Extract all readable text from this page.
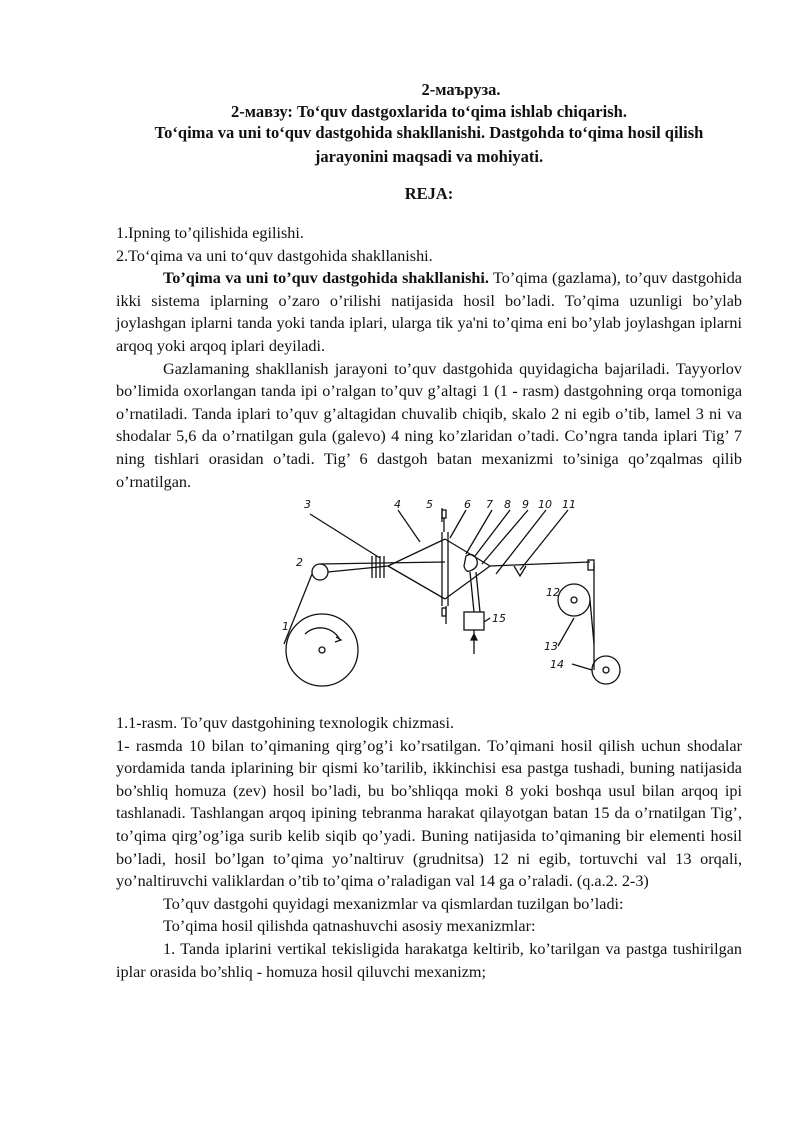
2-маъруза.
2-мавзу: To‘quv dastgoxlarida to‘qima ishlab chiqarish.
To‘qima va uni to‘quv dastgohida shakllanishi. Dastgohda to‘qima hosil qilish
jarayonini maqsadi va mohiyati.
REJA:
1.Ipning to’qilishida egilishi.
2.To‘qima va uni to‘quv dastgohida shakllanishi.
To’qima va uni to’quv dastgohida shakllanishi. To’qima (gazlama), to’quv dastgohida ikki sistema iplarning o’zaro o’rilishi natijasida hosil bo’ladi. To’qima uzunligi bo’ylab joylashgan iplarni tanda yoki tanda iplari, ularga tik ya'ni to’qima eni bo’ylab joylashgan iplarni arqoq yoki arqoq iplari deyiladi.
Gazlamaning shakllanish jarayoni to’quv dastgohida quyidagicha bajariladi. Tayyorlov bo’limida oxorlangan tanda ipi o’ralgan to’quv g’altagi 1 (1 - rasm) dastgohning orqa tomoniga o’rnatiladi. Tanda iplari to’quv g’altagidan chuvalib chiqib, skalo 2 ni egib o’tib, lamel 3 ni va shodalar 5,6 da o’rnatilgan gula (galevo) 4 ning ko’zlaridan o’tadi. Co’ngra tanda iplari Tig’ 7 ning tishlari orasidan o’tadi. Tig’ 6 dastgoh batan mexanizmi to’siniga qo’zqalmas qilib o’rnatilgan.
1
2
3	4 5	6 7 8 9 10 11
12
13
14
15
1.1-rasm. To’quv dastgohining texnologik chizmasi.
1- rasmda 10 bilan to’qimaning qirg’og’i ko’rsatilgan. To’qimani hosil qilish uchun shodalar yordamida tanda iplarining bir qismi ko’tarilib, ikkinchisi esa pastga tushadi, buning natijasida bo’shliq homuza (zev) hosil bo’ladi, bu bo’shliqqa moki 8 yoki boshqa usul bilan arqoq ipi tashlanadi. Tashlangan arqoq ipining tebranma harakat qilayotgan batan 15 da o’rnatilgan Tig’, to’qima qirg’og’iga surib kelib siqib qo’yadi. Buning natijasida to’qimaning bir elementi hosil bo’ladi, hosil bo’lgan to’qima yo’naltiruv (grudnitsa) 12 ni egib, tortuvchi val 13 orqali, yo’naltiruvchi valiklardan o’tib to’qima o’raladigan val 14 ga o’raladi. (q.a.2. 2-3)
To’quv dastgohi quyidagi mexanizmlar va qismlardan tuzilgan bo’ladi:
To’qima hosil qilishda qatnashuvchi asosiy mexanizmlar:
1. Tanda iplarini vertikal tekisligida harakatga keltirib, ko’tarilgan va pastga tushirilgan iplar orasida bo’shliq - homuza hosil qiluvchi mexanizm;
